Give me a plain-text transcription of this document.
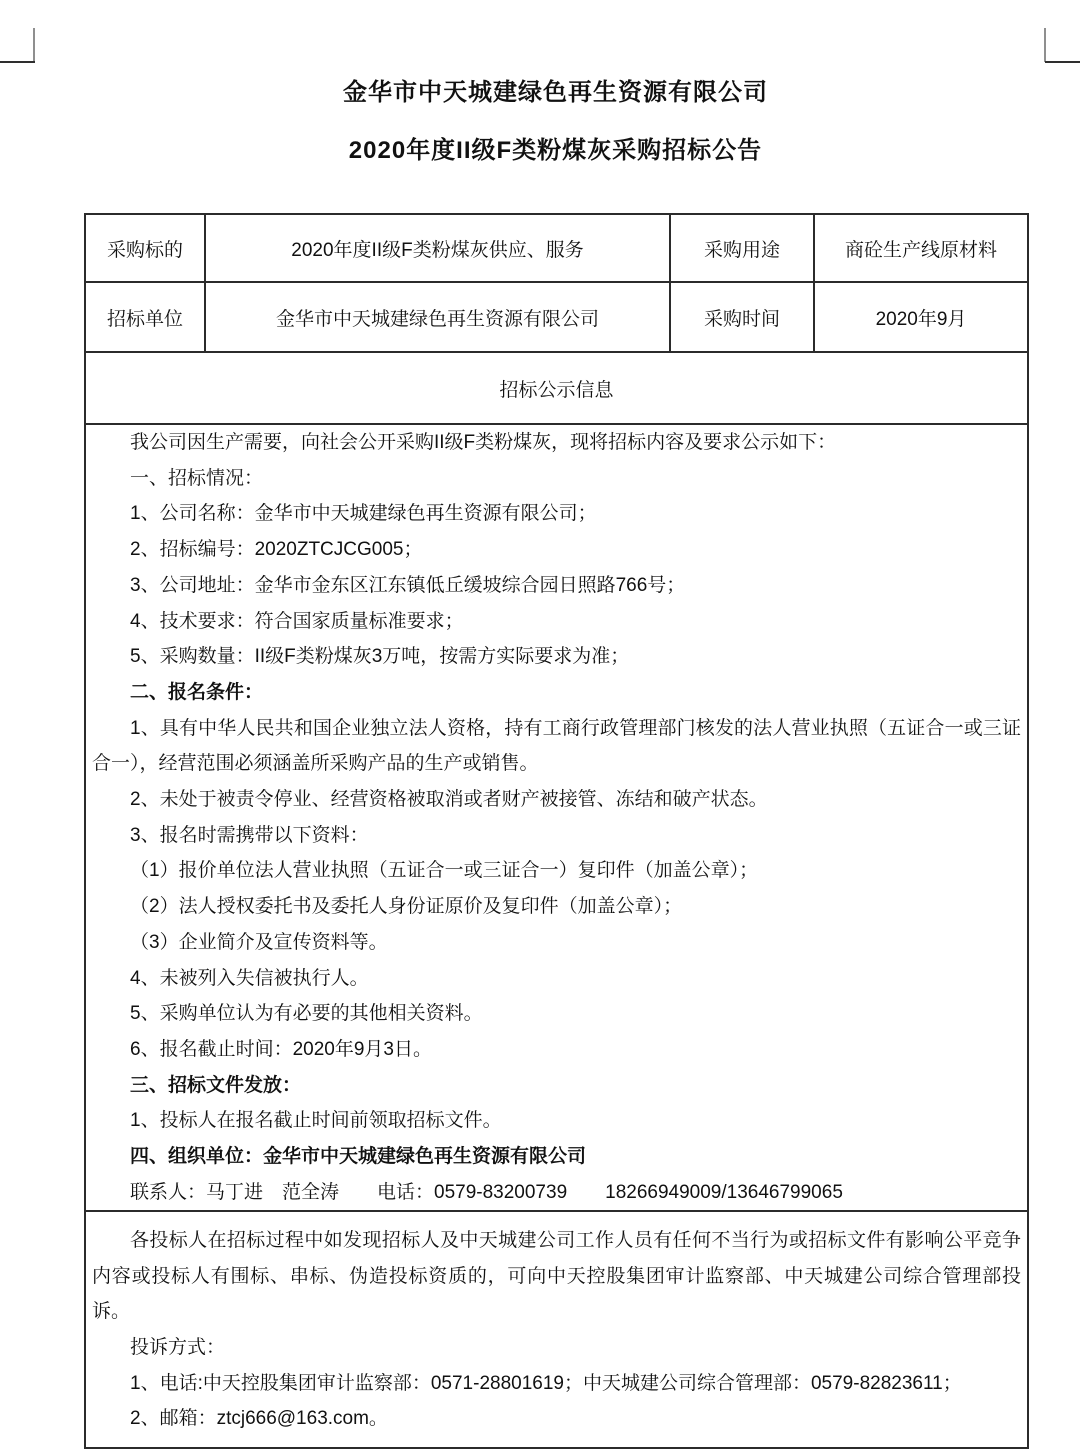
金华市中天城建绿色再生资源有限公司
2020年度II级F类粉煤灰采购招标公告
采购标的	2020年度II级F类粉煤灰供应、服务	采购用途	商砼生产线原材料
招标单位	金华市中天城建绿色再生资源有限公司	采购时间	2020年9月
招标公示信息			

我公司因生产需要，向社会公开采购II级F类粉煤灰，现将招标内容及要求公示如下：

一、招标情况：

1、公司名称：金华市中天城建绿色再生资源有限公司；

2、招标编号：2020ZTCJCG005；

3、公司地址：金华市金东区江东镇低丘缓坡综合园日照路766号；

4、技术要求：符合国家质量标准要求；

5、采购数量：II级F类粉煤灰3万吨，按需方实际要求为准；

二、报名条件：

1、具有中华人民共和国企业独立法人资格，持有工商行政管理部门核发的法人营业执照（五证合一或三证合一），经营范围必须涵盖所采购产品的生产或销售。

2、未处于被责令停业、经营资格被取消或者财产被接管、冻结和破产状态。

3、报名时需携带以下资料：

（1）报价单位法人营业执照（五证合一或三证合一）复印件（加盖公章）；

（2）法人授权委托书及委托人身份证原价及复印件（加盖公章）；

（3）企业简介及宣传资料等。

4、未被列入失信被执行人。

5、采购单位认为有必要的其他相关资料。

6、报名截止时间：2020年9月3日。

三、招标文件发放：

1、投标人在报名截止时间前领取招标文件。

四、组织单位：金华市中天城建绿色再生资源有限公司

联系人：马丁进　范全涛　　电话：0579-83200739　　18266949009/13646799065

各投标人在招标过程中如发现招标人及中天城建公司工作人员有任何不当行为或招标文件有影响公平竞争内容或投标人有围标、串标、伪造投标资质的，可向中天控股集团审计监察部、中天城建公司综合管理部投诉。

投诉方式：

1、电话:中天控股集团审计监察部：0571-28801619；中天城建公司综合管理部：0579-82823611；

2、邮箱：ztcj666@163.com。			
